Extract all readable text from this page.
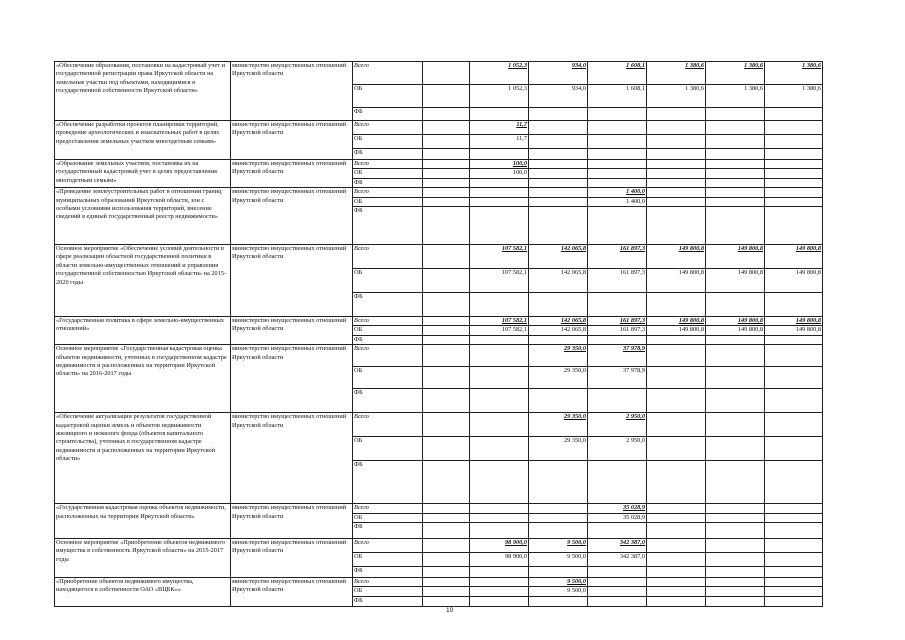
«Обеспечение образования, постановки на кадастровый учет и государственной регистрации права Иркутской области на земельные участки под объектами, находящимися в государственной собственности Иркутской области»	министерство имущественных отношений Иркутской области	Всего		1 052,3	934,0	1 608,1	1 380,6	1 380,6	1 380,6
		ОБ		1 052,3	934,0	1 608,1	1 380,6	1 380,6	1 380,6
		ФБ							
«Обеспечение разработки проектов планировки территорий, проведение археологических и изыскательных работ в целях предоставления земельных участков многодетным семьям»	министерство имущественных отношений Иркутской области	Всего		11,7					
		ОБ		11,7					
		ФБ							
«Образование земельных участков, постановка их на государственный кадастровый учет в целях предоставления многодетным семьям»	министерство имущественных отношений Иркутской области	Всего		100,0					
		ОБ		100,0					
		ФБ							
«Проведение землеустроительных работ в отношении границ муниципальных образований Иркутской области, зон с особыми условиями использования территорий, внесение сведений в единый государственный реестр недвижимости»	министерство имущественных отношений Иркутской области	Всего				1 400,0			
		ОБ				1 400,0			
		ФБ							
Основное мероприятие «Обеспечение условий деятельности в сфере реализации областной государственной политики в области земельно-имущественных отношений и управления государственной собственностью Иркутской области» на 2015-2020 годы	министерство имущественных отношений Иркутской области	Всего		107 582,1	142 065,8	161 897,3	149 800,8	149 800,8	149 800,8
		ОБ		107 582,1	142 065,8	161 897,3	149 800,8	149 800,8	149 800,8
		ФБ							
«Государственная политика в сфере земельно-имущественных отношений»	министерство имущественных отношений Иркутской области	Всего		107 582,1	142 065,8	161 897,3	149 800,8	149 800,8	149 800,8
		ОБ		107 582,1	142 065,8	161 897,3	149 800,8	149 800,8	149 800,8
		ФБ							
Основное мероприятие «Государственная кадастровая оценка объектов недвижимости, учтенных в государственном кадастре недвижимости и расположенных на территории Иркутской области» на 2016-2017 годы	министерство имущественных отношений Иркутской области	Всего			29 350,0	37 978,9			
		ОБ			29 350,0	37 978,9			
		ФБ							
«Обеспечение актуализации результатов государственной кадастровой оценки земель и объектов недвижимости жилищного и нежилого фонда (объектов капитального строительства), учтенных в государственном кадастре недвижимости и расположенных на территории Иркутской области»	министерство имущественных отношений Иркутской области	Всего			29 350,0	2 950,0			
		ОБ			29 350,0	2 950,0			
		ФБ							
«Государственная кадастровая оценка объектов недвижимости, расположенных на территории Иркутской области»	министерство имущественных отношений Иркутской области	Всего				35 028,9			
		ОБ				35 028,9			
		ФБ							
Основное мероприятие «Приобретение объектов недвижимого имущества в собственность Иркутской области» на 2015-2017 годы	министерство имущественных отношений Иркутской области	Всего		98 900,0	9 500,0	342 387,0			
		ОБ		98 900,0	9 500,0	342 387,0			
		ФБ							
«Приобретение объектов недвижимого имущества, находящегося в собственности ОАО «ВЦБК»»	министерство имущественных отношений Иркутской области	Всего			9 500,0				
		ОБ			9 500,0				
		ФБ							
10
